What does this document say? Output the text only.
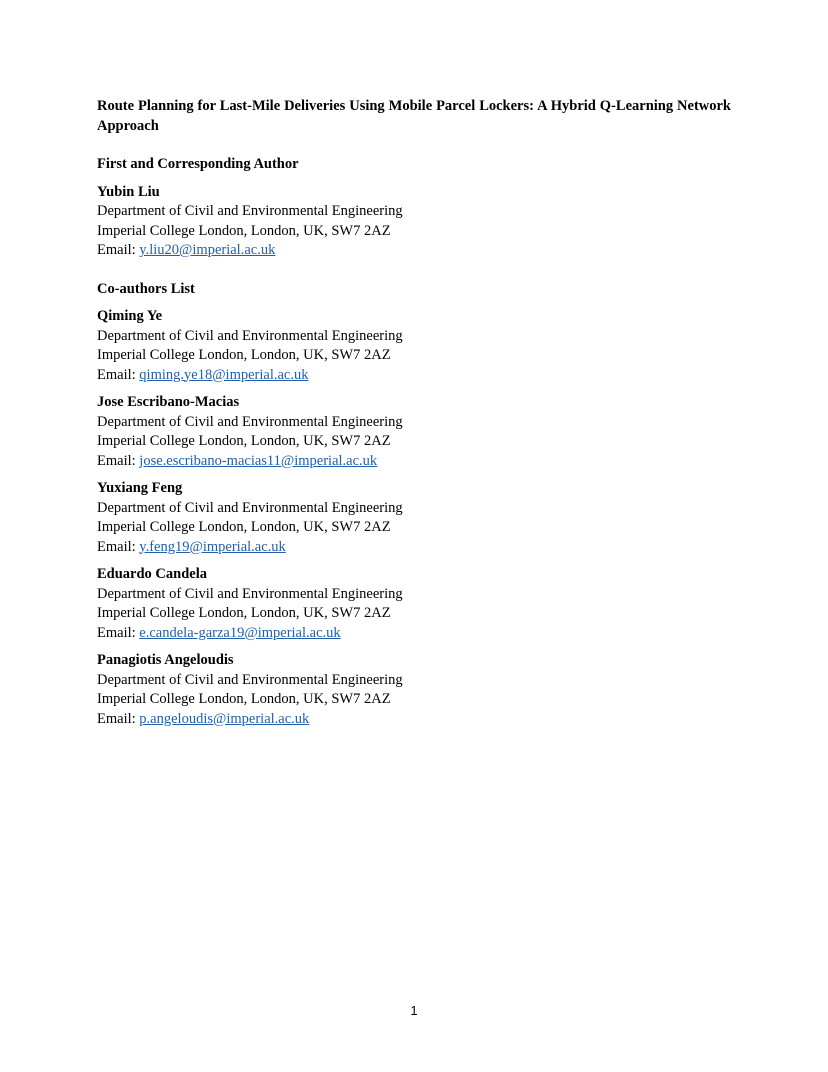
Route Planning for Last-Mile Deliveries Using Mobile Parcel Lockers: A Hybrid Q-Learning Network Approach

First and Corresponding Author

Yubin Liu

Department of Civil and Environmental Engineering

Imperial College London, London, UK, SW7 2AZ

Email: y.liu20@imperial.ac.uk

Co-authors List

Qiming Ye

Department of Civil and Environmental Engineering

Imperial College London, London, UK, SW7 2AZ

Email: qiming.ye18@imperial.ac.uk

Jose Escribano-Macias

Department of Civil and Environmental Engineering

Imperial College London, London, UK, SW7 2AZ

Email: jose.escribano-macias11@imperial.ac.uk

Yuxiang Feng

Department of Civil and Environmental Engineering

Imperial College London, London, UK, SW7 2AZ

Email: y.feng19@imperial.ac.uk

Eduardo Candela

Department of Civil and Environmental Engineering

Imperial College London, London, UK, SW7 2AZ

Email: e.candela-garza19@imperial.ac.uk

Panagiotis Angeloudis

Department of Civil and Environmental Engineering

Imperial College London, London, UK, SW7 2AZ

Email: p.angeloudis@imperial.ac.uk

1
